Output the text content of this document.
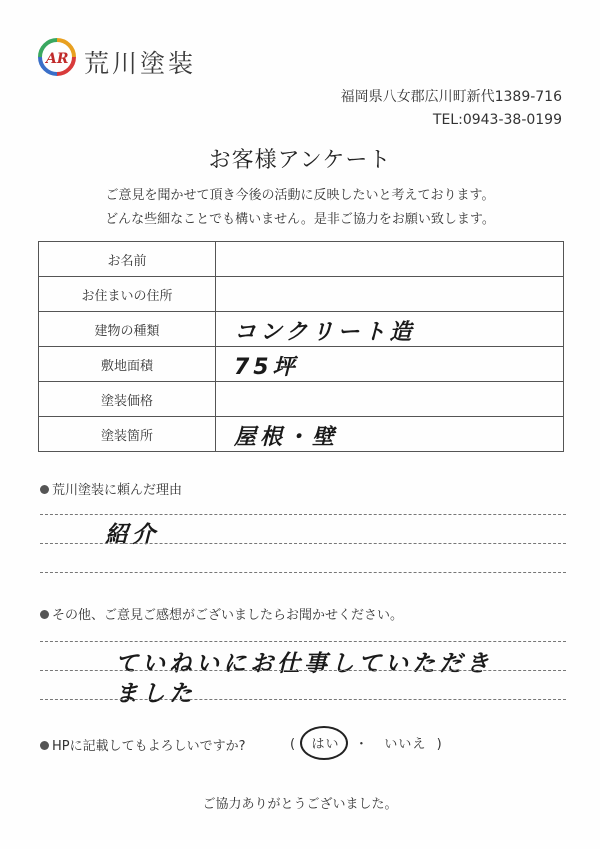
AR 荒川塗装
福岡県八女郡広川町新代1389-716
TEL:0943-38-0199
お客様アンケート
ご意見を聞かせて頂き今後の活動に反映したいと考えております。
どんな些細なことでも構いません。是非ご協力をお願い致します。
お名前	

お住まいの住所	

建物の種類	コンクリート造

敷地面積	75坪

塗装価格	

塗装箇所	屋根・壁
荒川塗装に頼んだ理由
紹介
その他、ご意見ご感想がございましたらお聞かせください。
ていねいにお仕事していただき
ました
HPに記載してもよろしいですか?	( はい ・ いいえ )
ご協力ありがとうございました。
